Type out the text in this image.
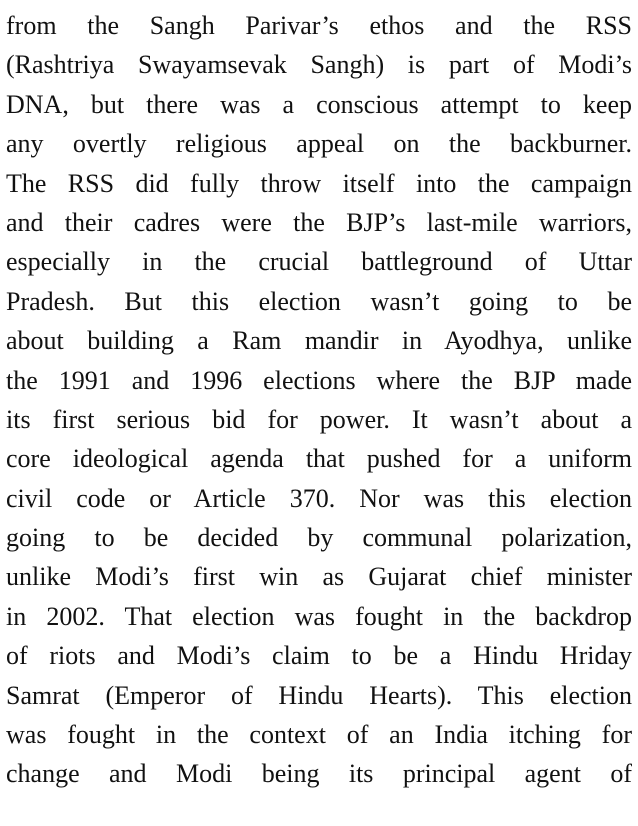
from the Sangh Parivar’s ethos and the RSS
(Rashtriya Swayamsevak Sangh) is part of Modi’s
DNA, but there was a conscious attempt to keep
any overtly religious appeal on the backburner.
The RSS did fully throw itself into the campaign
and their cadres were the BJP’s last-mile warriors,
especially in the crucial battleground of Uttar
Pradesh. But this election wasn’t going to be
about building a Ram mandir in Ayodhya, unlike
the 1991 and 1996 elections where the BJP made
its first serious bid for power. It wasn’t about a
core ideological agenda that pushed for a uniform
civil code or Article 370. Nor was this election
going to be decided by communal polarization,
unlike Modi’s first win as Gujarat chief minister
in 2002. That election was fought in the backdrop
of riots and Modi’s claim to be a Hindu Hriday
Samrat (Emperor of Hindu Hearts). This election
was fought in the context of an India itching for
change and Modi being its principal agent of
